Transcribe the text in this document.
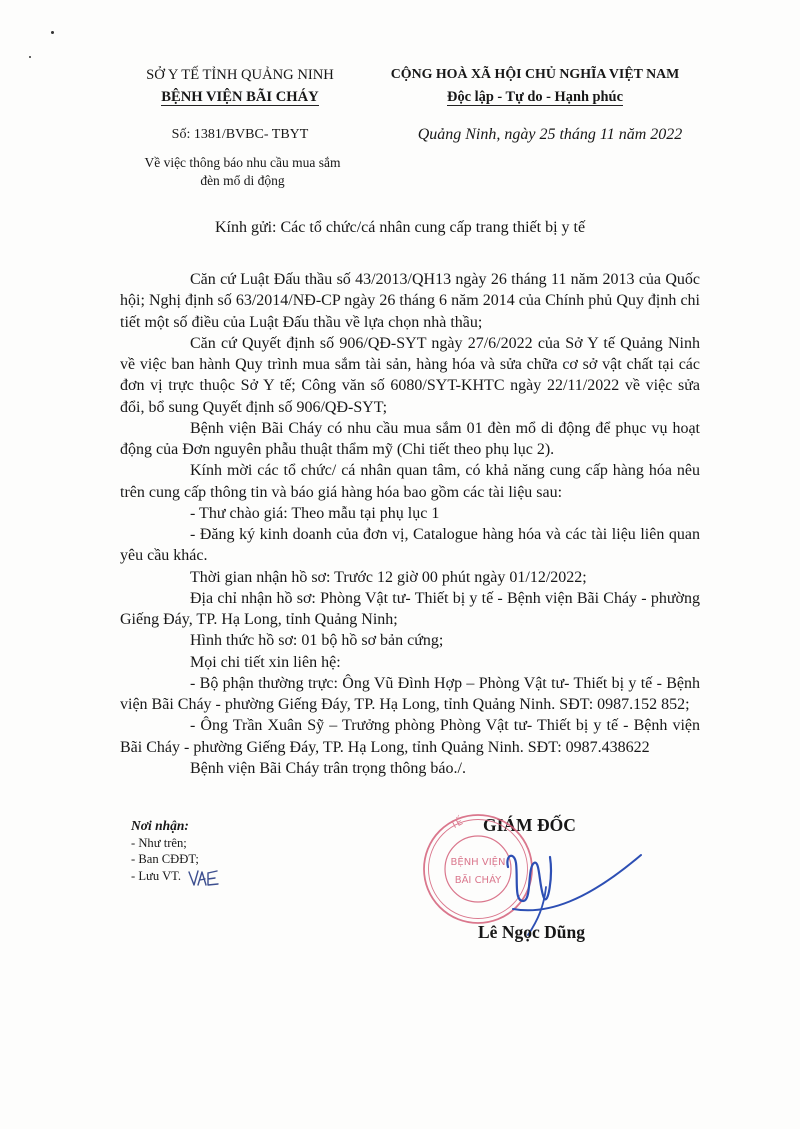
SỞ Y TẾ TỈNH QUẢNG NINH
BỆNH VIỆN BÃI CHÁY
Số: 1381/BVBC- TBYT
Về việc thông báo nhu cầu mua sắm
đèn mổ di động
CỘNG HOÀ XÃ HỘI CHỦ NGHĨA VIỆT NAM
Độc lập - Tự do - Hạnh phúc
Quảng Ninh, ngày 25 tháng 11 năm 2022
Kính gửi: Các tổ chức/cá nhân cung cấp trang thiết bị y tế

Căn cứ Luật Đấu thầu số 43/2013/QH13 ngày 26 tháng 11 năm 2013 của Quốc hội; Nghị định số 63/2014/NĐ-CP ngày 26 tháng 6 năm 2014 của Chính phủ Quy định chi tiết một số điều của Luật Đấu thầu về lựa chọn nhà thầu;

Căn cứ Quyết định số 906/QĐ-SYT ngày 27/6/2022 của Sở Y tế Quảng Ninh về việc ban hành Quy trình mua sắm tài sản, hàng hóa và sửa chữa cơ sở vật chất tại các đơn vị trực thuộc Sở Y tế; Công văn số 6080/SYT-KHTC ngày 22/11/2022 về việc sửa đổi, bổ sung Quyết định số 906/QĐ-SYT;

Bệnh viện Bãi Cháy có nhu cầu mua sắm 01 đèn mổ di động để phục vụ hoạt động của Đơn nguyên phẫu thuật thẩm mỹ (Chi tiết theo phụ lục 2).

Kính mời các tổ chức/ cá nhân quan tâm, có khả năng cung cấp hàng hóa nêu trên cung cấp thông tin và báo giá hàng hóa bao gồm các tài liệu sau:

- Thư chào giá: Theo mẫu tại phụ lục 1

- Đăng ký kinh doanh của đơn vị, Catalogue hàng hóa và các tài liệu liên quan yêu cầu khác.

Thời gian nhận hồ sơ: Trước 12 giờ 00 phút ngày 01/12/2022;

Địa chỉ nhận hồ sơ: Phòng Vật tư- Thiết bị y tế - Bệnh viện Bãi Cháy - phường Giếng Đáy, TP. Hạ Long, tỉnh Quảng Ninh;

Hình thức hồ sơ: 01 bộ hồ sơ bản cứng;

Mọi chi tiết xin liên hệ:

- Bộ phận thường trực: Ông Vũ Đình Hợp – Phòng Vật tư- Thiết bị y tế - Bệnh viện Bãi Cháy - phường Giếng Đáy, TP. Hạ Long, tỉnh Quảng Ninh. SĐT: 0987.152 852;

- Ông Trần Xuân Sỹ – Trưởng phòng Phòng Vật tư- Thiết bị y tế - Bệnh viện Bãi Cháy - phường Giếng Đáy, TP. Hạ Long, tỉnh Quảng Ninh. SĐT: 0987.438622

Bệnh viện Bãi Cháy trân trọng thông báo./.

Nơi nhận:
- Như trên;
- Ban CĐĐT;
- Lưu VT.
GIÁM ĐỐC
TẾ
BỆNH VIỆN
BÃI CHÁY
Lê Ngọc Dũng
